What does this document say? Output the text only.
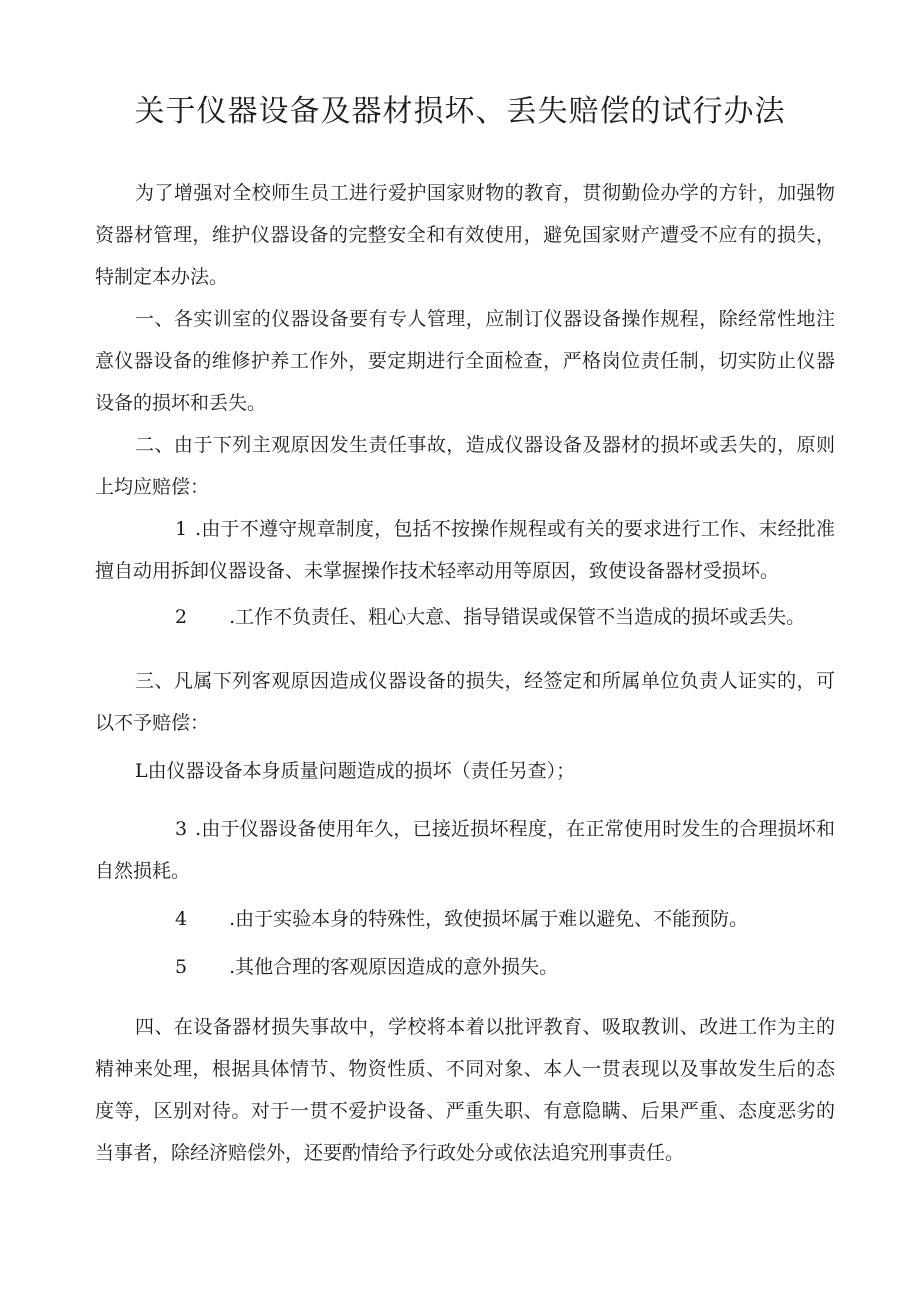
关于仪器设备及器材损坏、丢失赔偿的试行办法

为了增强对全校师生员工进行爱护国家财物的教育，贯彻勤俭办学的方针，加强物资器材管理，维护仪器设备的完整安全和有效使用，避免国家财产遭受不应有的损失，特制定本办法。

一、各实训室的仪器设备要有专人管理，应制订仪器设备操作规程，除经常性地注意仪器设备的维修护养工作外，要定期进行全面检查，严格岗位责任制，切实防止仪器设备的损坏和丢失。

二、由于下列主观原因发生责任事故，造成仪器设备及器材的损坏或丢失的，原则上均应赔偿：

1 .由于不遵守规章制度，包括不按操作规程或有关的要求进行工作、末经批准擅自动用拆卸仪器设备、未掌握操作技术轻率动用等原因，致使设备器材受损坏。

2 .工作不负责任、粗心大意、指导错误或保管不当造成的损坏或丢失。

三、凡属下列客观原因造成仪器设备的损失，经签定和所属单位负责人证实的，可以不予赔偿：

L由仪器设备本身质量问题造成的损坏（责任另查）；

3 .由于仪器设备使用年久，已接近损坏程度，在正常使用时发生的合理损坏和自然损耗。

4 .由于实验本身的特殊性，致使损坏属于难以避免、不能预防。

5 .其他合理的客观原因造成的意外损失。

四、在设备器材损失事故中，学校将本着以批评教育、吸取教训、改进工作为主的精神来处理，根据具体情节、物资性质、不同对象、本人一贯表现以及事故发生后的态度等，区别对待。对于一贯不爱护设备、严重失职、有意隐瞒、后果严重、态度恶劣的当事者，除经济赔偿外，还要酌情给予行政处分或依法追究刑事责任。
